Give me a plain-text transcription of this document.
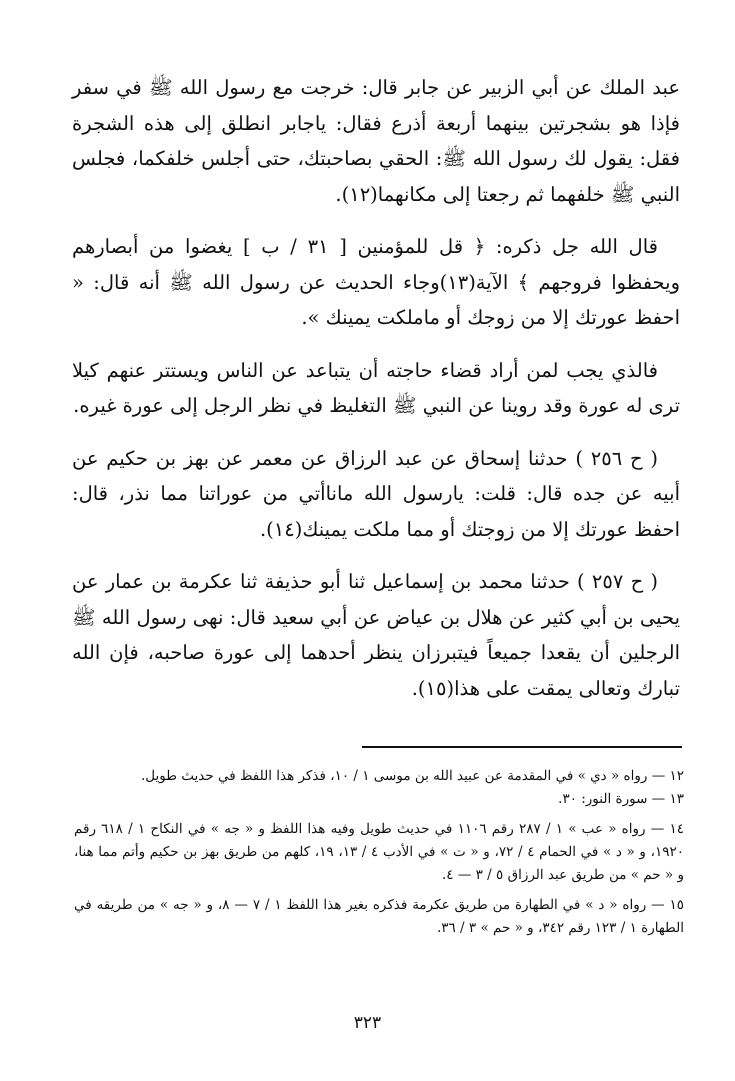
عبد الملك عن أبي الزبير عن جابر قال: خرجت مع رسول الله ﷺ في سفر فإذا هو بشجرتين بينهما أربعة أذرع فقال: ياجابر انطلق إلى هذه الشجرة فقل: يقول لك رسول الله ﷺ: الحقي بصاحبتك، حتى أجلس خلفكما، فجلس النبي ﷺ خلفهما ثم رجعتا إلى مكانهما(١٢).

قال الله جل ذكره: ﴿ قل للمؤمنين [ ٣١ / ب ] يغضوا من أبصارهم ويحفظوا فروجهم ﴾ الآية(١٣)وجاء الحديث عن رسول الله ﷺ أنه قال: « احفظ عورتك إلا من زوجك أو ماملكت يمينك ».

فالذي يجب لمن أراد قضاء حاجته أن يتباعد عن الناس ويستتر عنهم كيلا ترى له عورة وقد روينا عن النبي ﷺ التغليظ في نظر الرجل إلى عورة غيره.

( ح ٢٥٦ ) حدثنا إسحاق عن عبد الرزاق عن معمر عن بهز بن حكيم عن أبيه عن جده قال: قلت: يارسول الله ماناأتي من عوراتنا مما نذر، قال: احفظ عورتك إلا من زوجتك أو مما ملكت يمينك(١٤).

( ح ٢٥٧ ) حدثنا محمد بن إسماعيل ثنا أبو حذيفة ثنا عكرمة بن عمار عن يحيى بن أبي كثير عن هلال بن عياض عن أبي سعيد قال: نهى رسول الله ﷺ الرجلين أن يقعدا جميعاً فيتبرزان ينظر أحدهما إلى عورة صاحبه، فإن الله تبارك وتعالى يمقت على هذا(١٥).

١٢ — رواه « دي » في المقدمة عن عبيد الله بن موسى ١ / ١٠، فذكر هذا اللفظ في حديث طويل.

١٣ — سورة النور: ٣٠.

١٤ — رواه « عب » ١ / ٢٨٧ رقم ١١٠٦ في حديث طويل وفيه هذا اللفظ و « جه » في النكاح ١ / ٦١٨ رقم ١٩٢٠، و « د » في الحمام ٤ / ٧٢، و « ت » في الأدب ٤ / ١٣، ١٩، كلهم من طريق بهز بن حكيم وأتم مما هنا، و « حم » من طريق عبد الرزاق ٥ / ٣ — ٤.

١٥ — رواه « د » في الطهارة من طريق عكرمة فذكره بغير هذا اللفظ ١ / ٧ — ٨، و « جه » من طريقه في الطهارة ١ / ١٢٣ رقم ٣٤٢، و « حم » ٣ / ٣٦.

٣٢٣
